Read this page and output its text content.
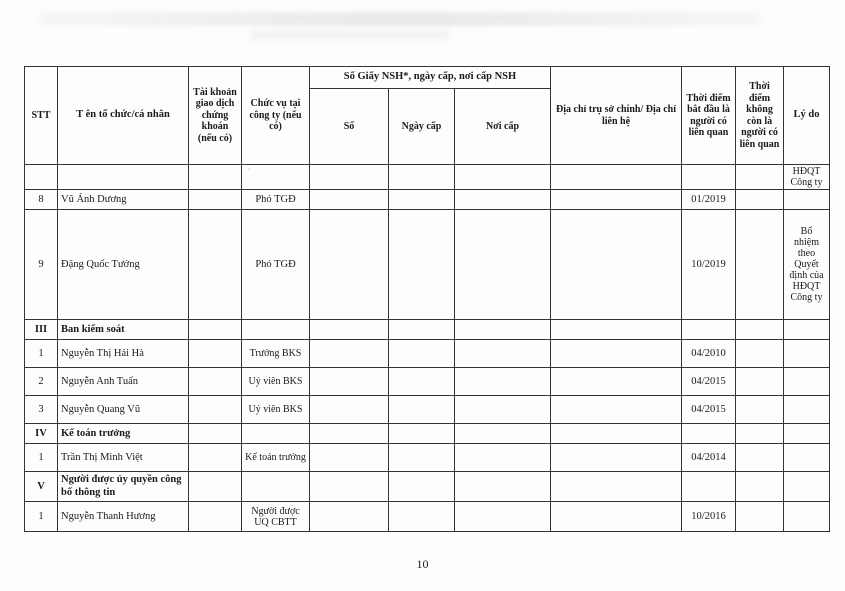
STT	T ên tổ chức/cá nhân	Tài khoản giao dịch chứng khoán (nếu có)	Chức vụ tại công ty (nếu có)	Số Giấy NSH*, ngày cấp, nơi cấp NSH			Địa chỉ trụ sở chính/ Địa chỉ liên hệ	Thời điểm bắt đầu là người có liên quan	Thời điểm không còn là người có liên quan	Lý do
				Số	Ngày cấp	Nơi cấp				
			·							HĐQT Công ty
8	Vũ Ánh Dương		Phó TGĐ					01/2019		
9	Đặng Quốc Tưởng		Phó TGĐ					10/2019		Bổ nhiệm theo Quyết định của HĐQT Công ty
III	Ban kiểm soát									
1	Nguyễn Thị Hải Hà		Trưởng BKS					04/2010		
2	Nguyễn Anh Tuấn		Uỷ viên BKS					04/2015		
3	Nguyễn Quang Vũ		Uỷ viên BKS					04/2015		
IV	Kế toán trưởng									
1	Trần Thị Minh Việt		Kế toán trưởng					04/2014		
V	Người được ủy quyền công bố thông tin									
1	Nguyễn Thanh Hương		Người được UQ CBTT					10/2016		
10
